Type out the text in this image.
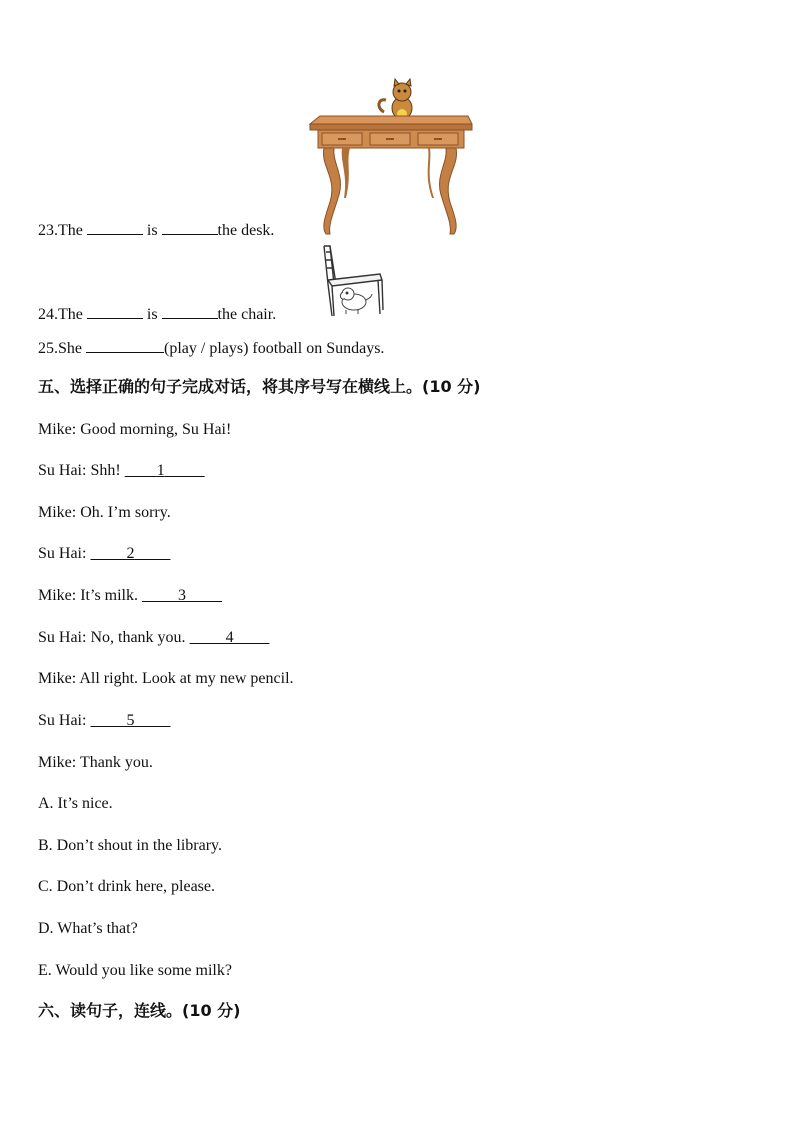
23.The	is	the desk.
24.The	is	the chair.
25.She	(play / plays) football on Sundays.
五、选择正确的句子完成对话，将其序号写在横线上。(10 分)
Mike: Good morning, Su Hai!
Su Hai: Shh! 1
Mike: Oh. I’m sorry.
Su Hai:	2
Mike: It’s milk.	3
Su Hai: No, thank you.	4
Mike: All right. Look at my new pencil.
Su Hai:	5
Mike: Thank you.
A. It’s nice.
B. Don’t shout in the library.
C. Don’t drink here, please.
D. What’s that?
E. Would you like some milk?
六、读句子，连线。(10 分)
